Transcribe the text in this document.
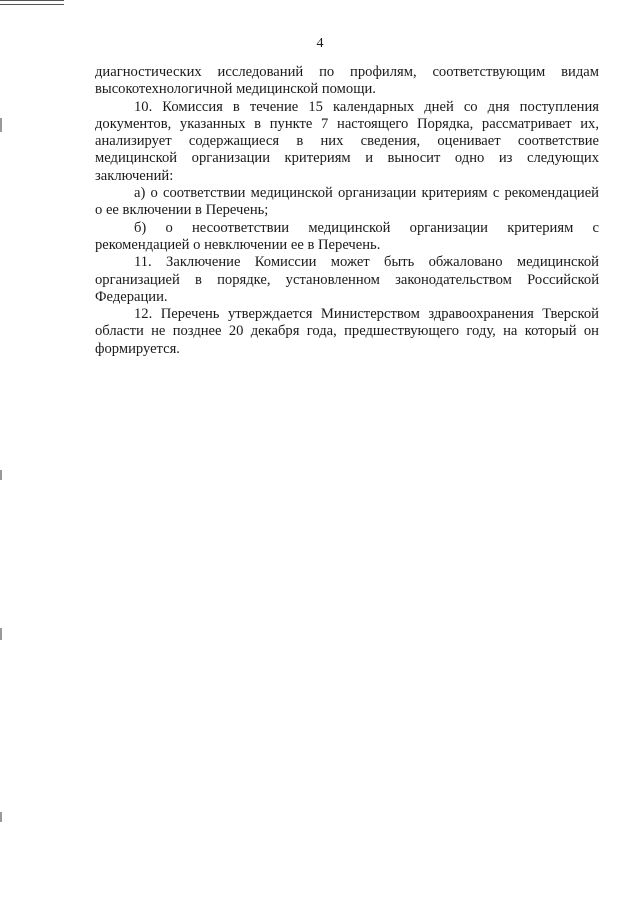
4

диагностических исследований по профилям, соответствующим видам высокотехнологичной медицинской помощи.

10. Комиссия в течение 15 календарных дней со дня поступления документов, указанных в пункте 7 настоящего Порядка, рассматривает их, анализирует содержащиеся в них сведения, оценивает соответствие медицинской организации критериям и выносит одно из следующих заключений:

а) о соответствии медицинской организации критериям с рекомендацией о ее включении в Перечень;

б) о несоответствии медицинской организации критериям с рекомендацией о невключении ее в Перечень.

11. Заключение Комиссии может быть обжаловано медицинской организацией в порядке, установленном законодательством Российской Федерации.

12. Перечень утверждается Министерством здравоохранения Тверской области не позднее 20 декабря года, предшествующего году, на который он формируется.
